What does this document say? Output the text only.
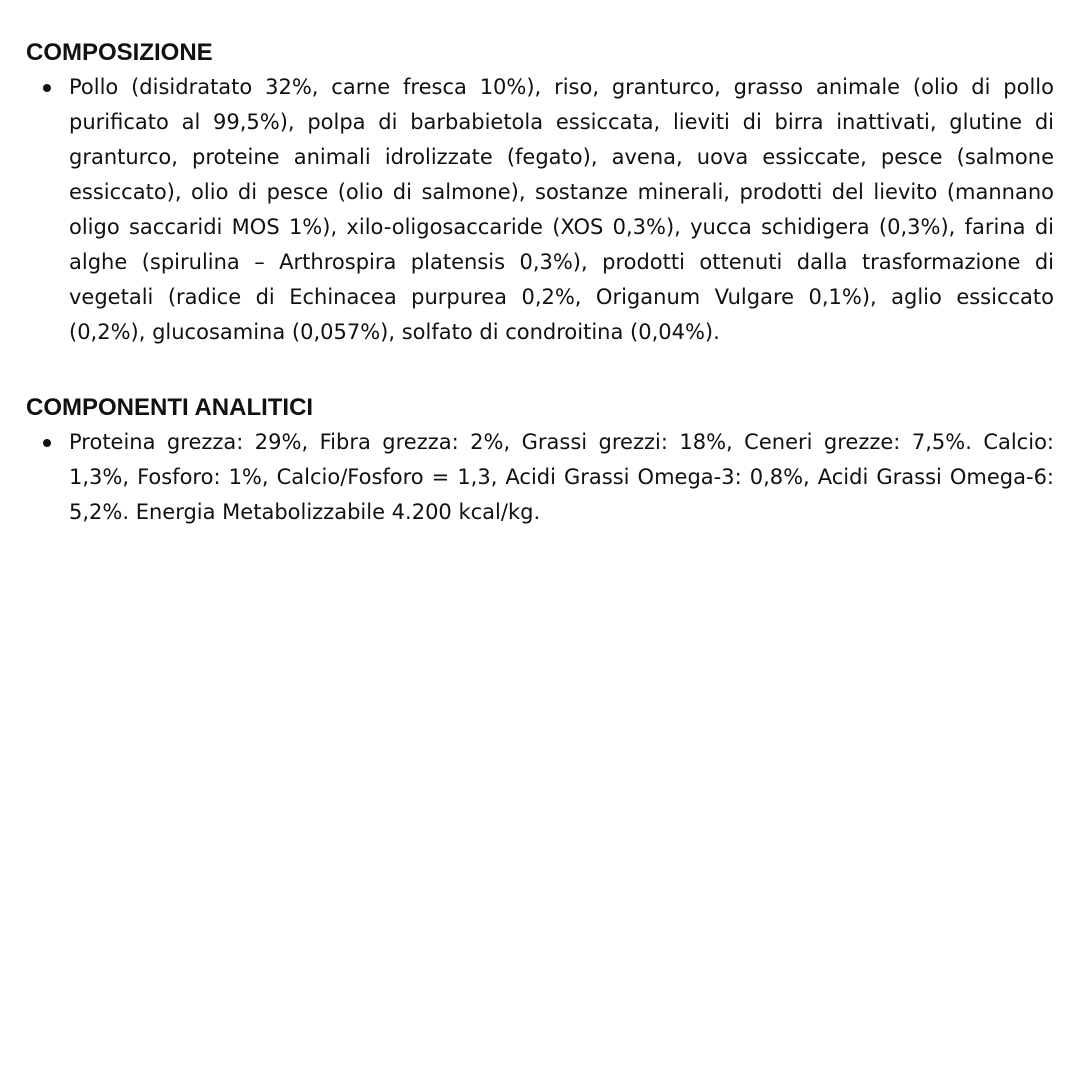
COMPOSIZIONE
Pollo (disidratato 32%, carne fresca 10%), riso, granturco, grasso animale (olio di pollo purificato al 99,5%), polpa di barbabietola essiccata, lieviti di birra inattivati, glutine di granturco, proteine animali idrolizzate (fegato), avena, uova essiccate, pesce (salmone essiccato), olio di pesce (olio di salmone), sostanze minerali, prodotti del lievito (mannano oligo saccaridi MOS 1%), xilo-oligosaccaride (XOS 0,3%), yucca schidigera (0,3%), farina di alghe (spirulina – Arthrospira platensis 0,3%), prodotti ottenuti dalla trasformazione di vegetali (radice di Echinacea purpurea 0,2%, Origanum Vulgare 0,1%), aglio essiccato (0,2%), glucosamina (0,057%), solfato di condroitina (0,04%).
COMPONENTI ANALITICI
Proteina grezza: 29%, Fibra grezza: 2%, Grassi grezzi: 18%, Ceneri grezze: 7,5%. Calcio: 1,3%, Fosforo: 1%, Calcio/Fosforo = 1,3, Acidi Grassi Omega-3: 0,8%, Acidi Grassi Omega-6: 5,2%. Energia Metabolizzabile 4.200 kcal/kg.
